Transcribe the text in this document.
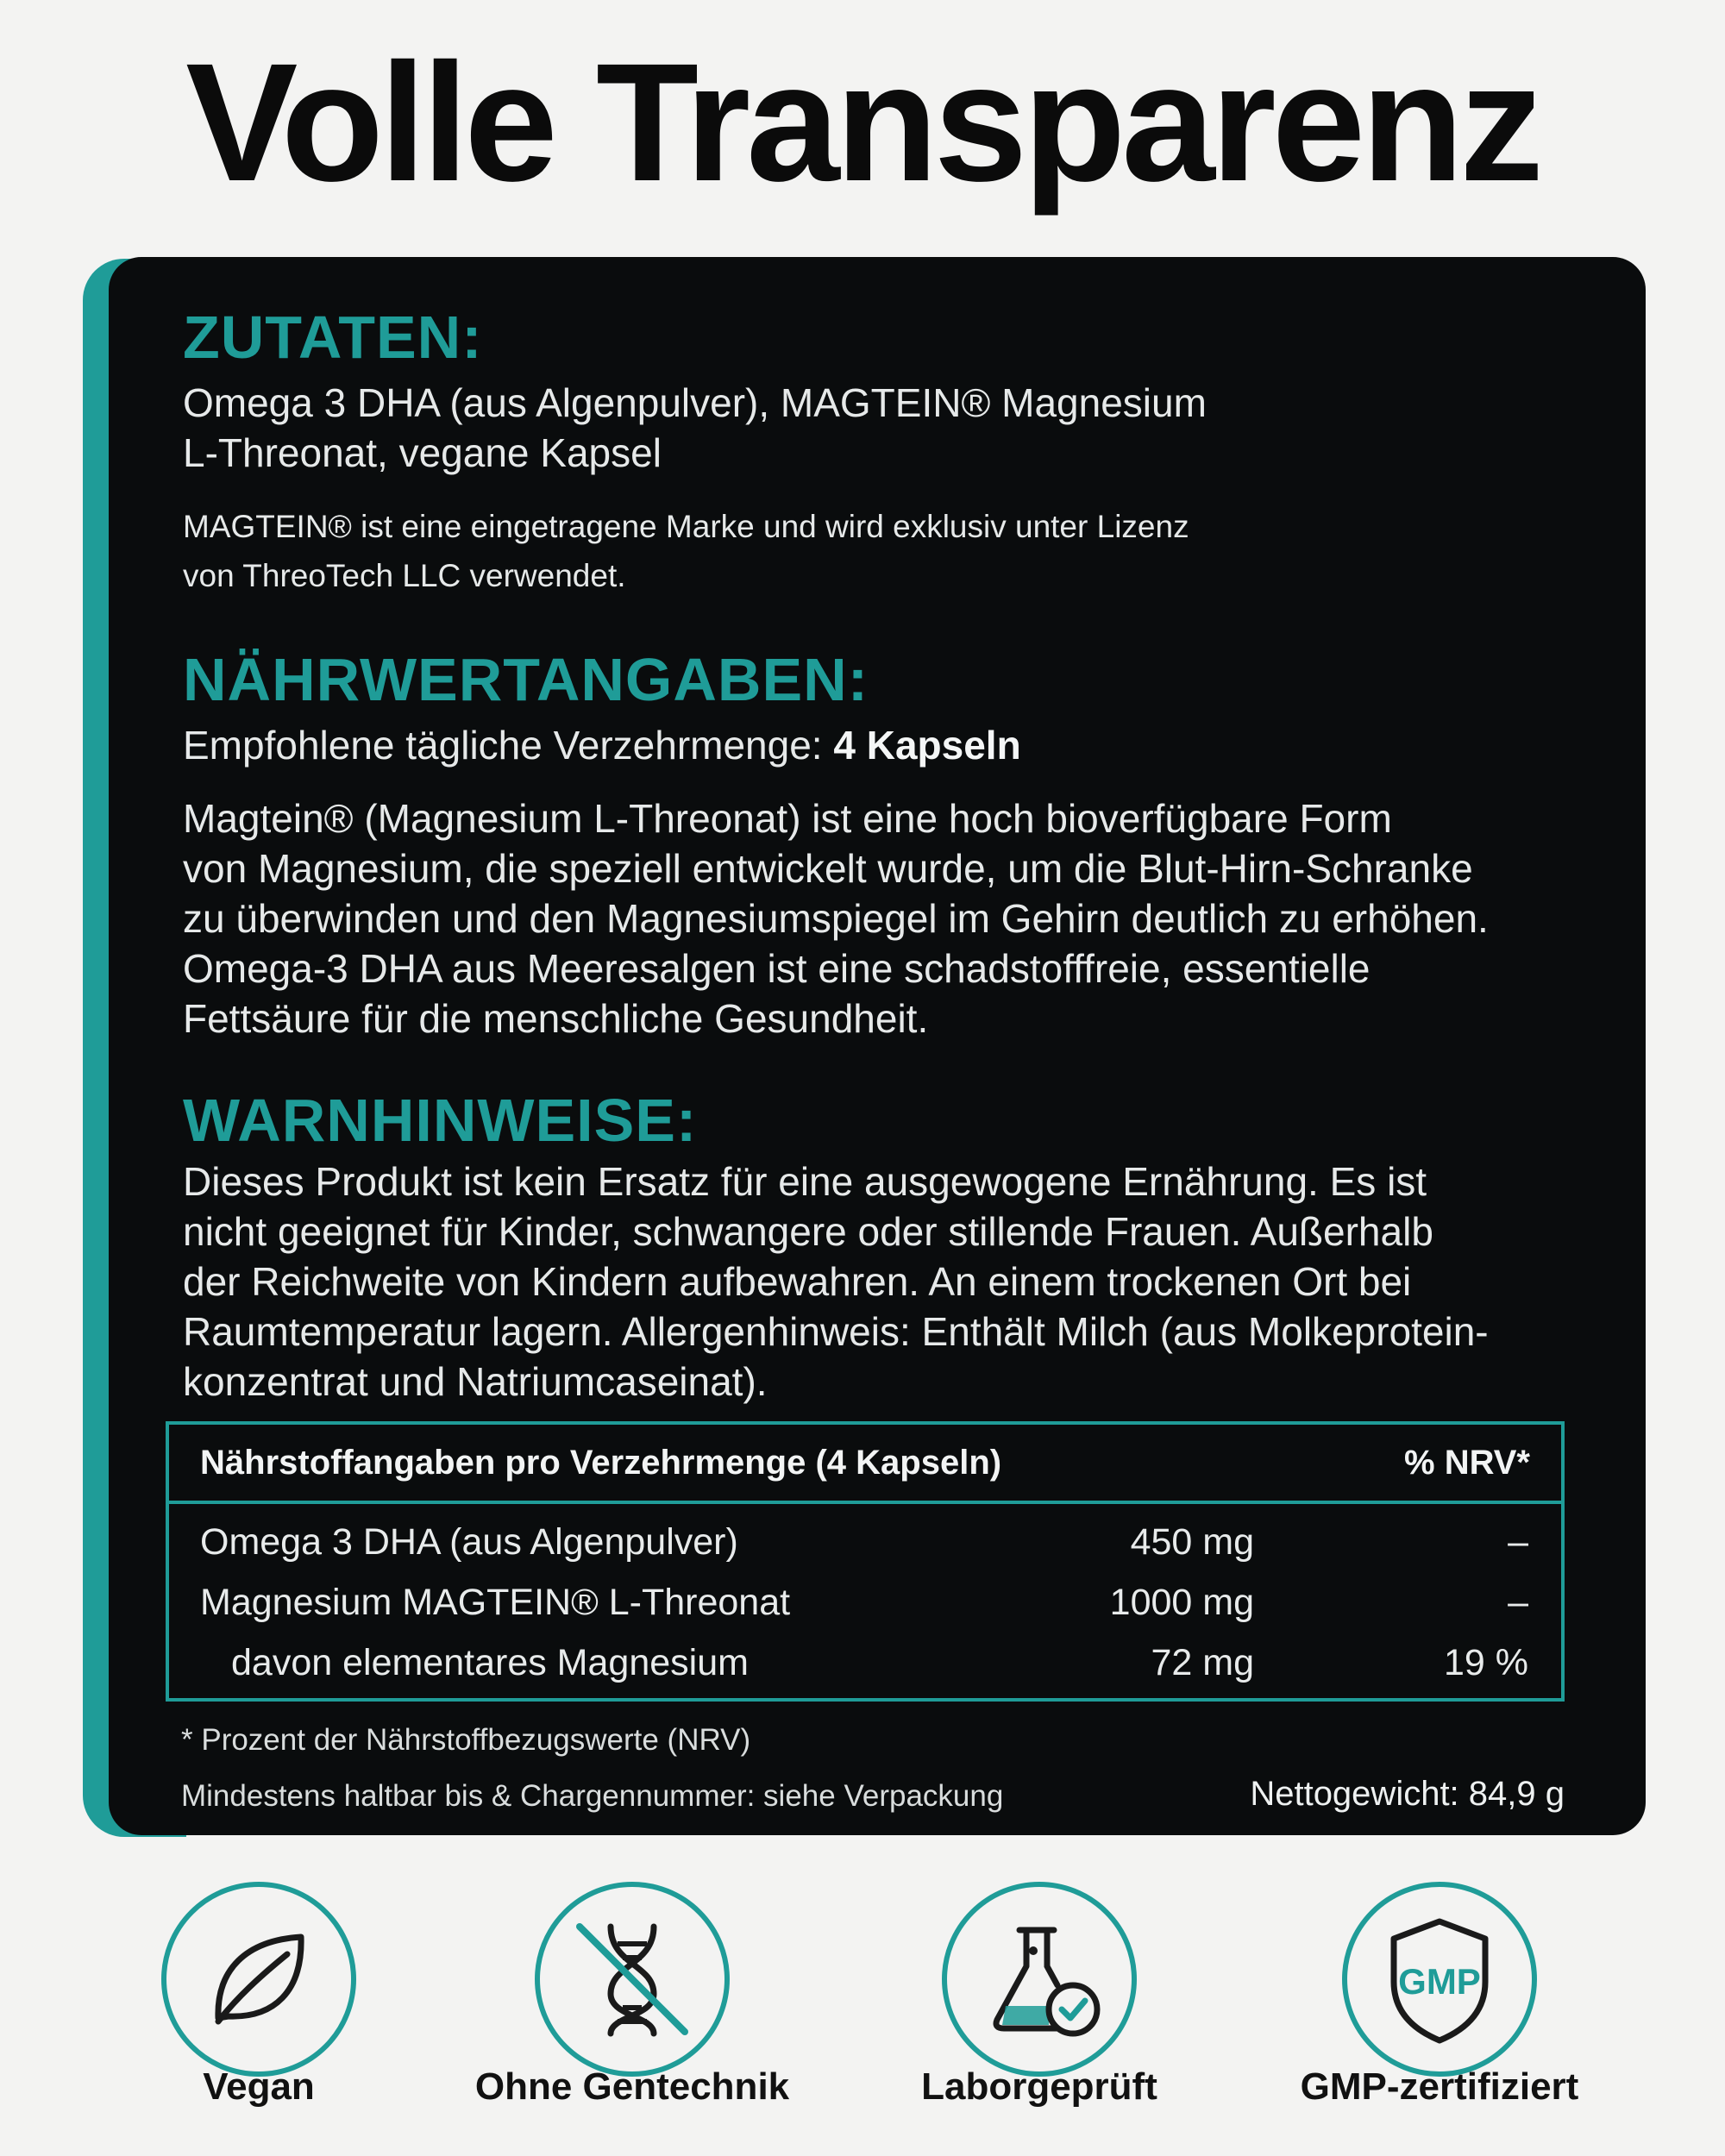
Volle Transparenz
ZUTATEN:

Omega 3 DHA (aus Algenpulver), MAGTEIN® Magnesium

L-Threonat, vegane Kapsel

MAGTEIN® ist eine eingetragene Marke und wird exklusiv unter Lizenz

von ThreoTech LLC verwendet.

NÄHRWERTANGABEN:

Empfohlene tägliche Verzehrmenge: 4 Kapseln

Magtein® (Magnesium L-Threonat) ist eine hoch bioverfügbare Form

von Magnesium, die speziell entwickelt wurde, um die Blut-Hirn-Schranke

zu überwinden und den Magnesiumspiegel im Gehirn deutlich zu erhöhen.

Omega-3 DHA aus Meeresalgen ist eine schadstofffreie, essentielle

Fettsäure für die menschliche Gesundheit.

WARNHINWEISE:

Dieses Produkt ist kein Ersatz für eine ausgewogene Ernährung. Es ist

nicht geeignet für Kinder, schwangere oder stillende Frauen. Außerhalb

der Reichweite von Kindern aufbewahren. An einem trockenen Ort bei

Raumtemperatur lagern. Allergenhinweis: Enthält Milch (aus Molkeprotein-

konzentrat und Natriumcaseinat).

Nährstoffangaben pro Verzehrmenge (4 Kapseln)	% NRV*
Omega 3 DHA (aus Algenpulver)	450 mg	–
Magnesium MAGTEIN® L-Threonat	1000 mg	–
davon elementares Magnesium	72 mg	19 %
* Prozent der Nährstoffbezugswerte (NRV)
Mindestens haltbar bis & Chargennummer: siehe Verpackung	Nettogewicht: 84,9 g
Vegan	Ohne Gentechnik	Laborgeprüft
GMP
GMP-zertifiziert
